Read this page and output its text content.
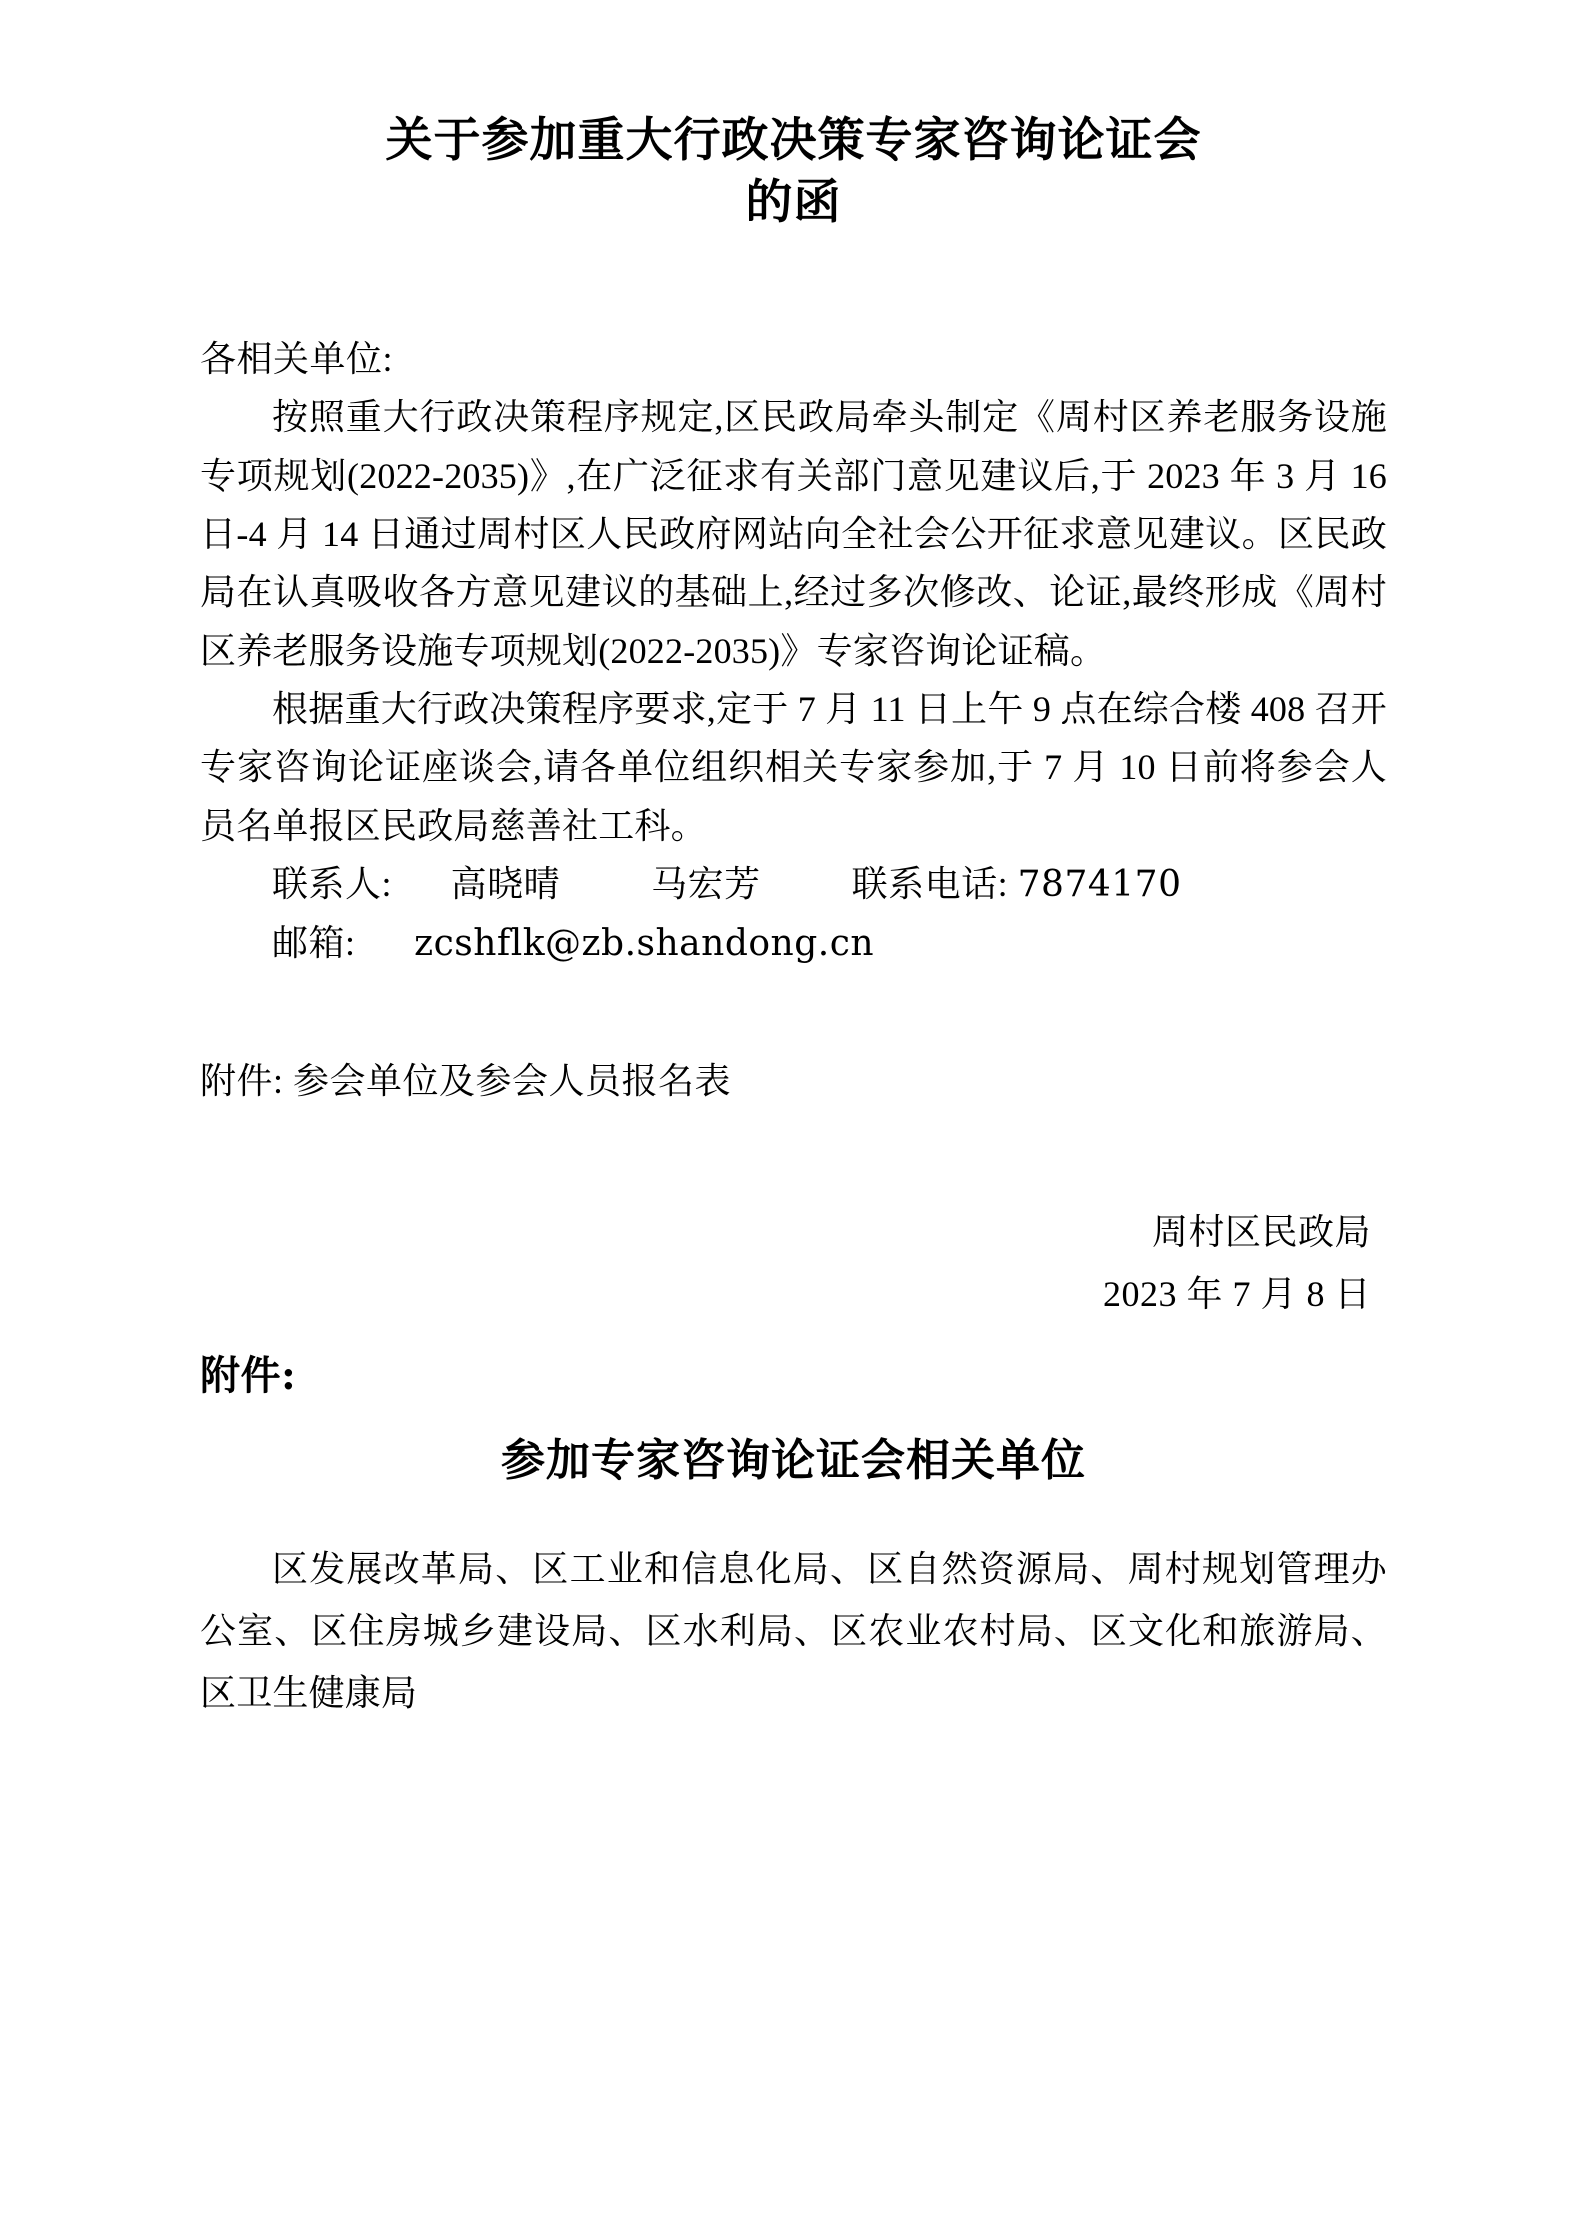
关于参加重大行政决策专家咨询论证会
的函
各相关单位:

按照重大行政决策程序规定,区民政局牵头制定《周村区养老服务设施专项规划(2022-2035)》,在广泛征求有关部门意见建议后,于 2023 年 3 月 16 日-4 月 14 日通过周村区人民政府网站向全社会公开征求意见建议。区民政局在认真吸收各方意见建议的基础上,经过多次修改、论证,最终形成《周村区养老服务设施专项规划(2022-2035)》专家咨询论证稿。

根据重大行政决策程序要求,定于 7 月 11 日上午 9 点在综合楼 408 召开专家咨询论证座谈会,请各单位组织相关专家参加,于 7 月 10 日前将参会人员名单报区民政局慈善社工科。

联系人: 高晓晴	马宏芳	联系电话: 7874170

邮箱: zcshflk@zb.shandong.cn

附件: 参会单位及参会人员报名表
周村区民政局
2023 年 7 月 8 日
附件:
参加专家咨询论证会相关单位
区发展改革局、区工业和信息化局、区自然资源局、周村规划管理办公室、区住房城乡建设局、区水利局、区农业农村局、区文化和旅游局、区卫生健康局
